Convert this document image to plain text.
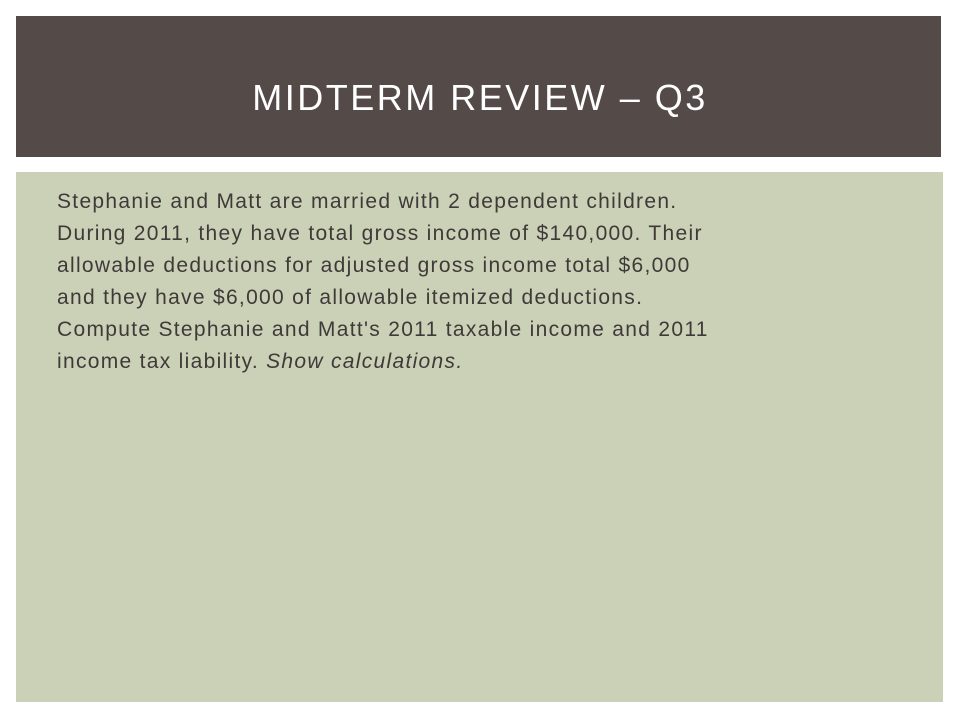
MIDTERM REVIEW – Q3

Stephanie and Matt are married with 2 dependent children.
During 2011, they have total gross income of $140,000. Their
allowable deductions for adjusted gross income total $6,000
and they have $6,000 of allowable itemized deductions.
Compute Stephanie and Matt's 2011 taxable income and 2011
income tax liability. Show calculations.
